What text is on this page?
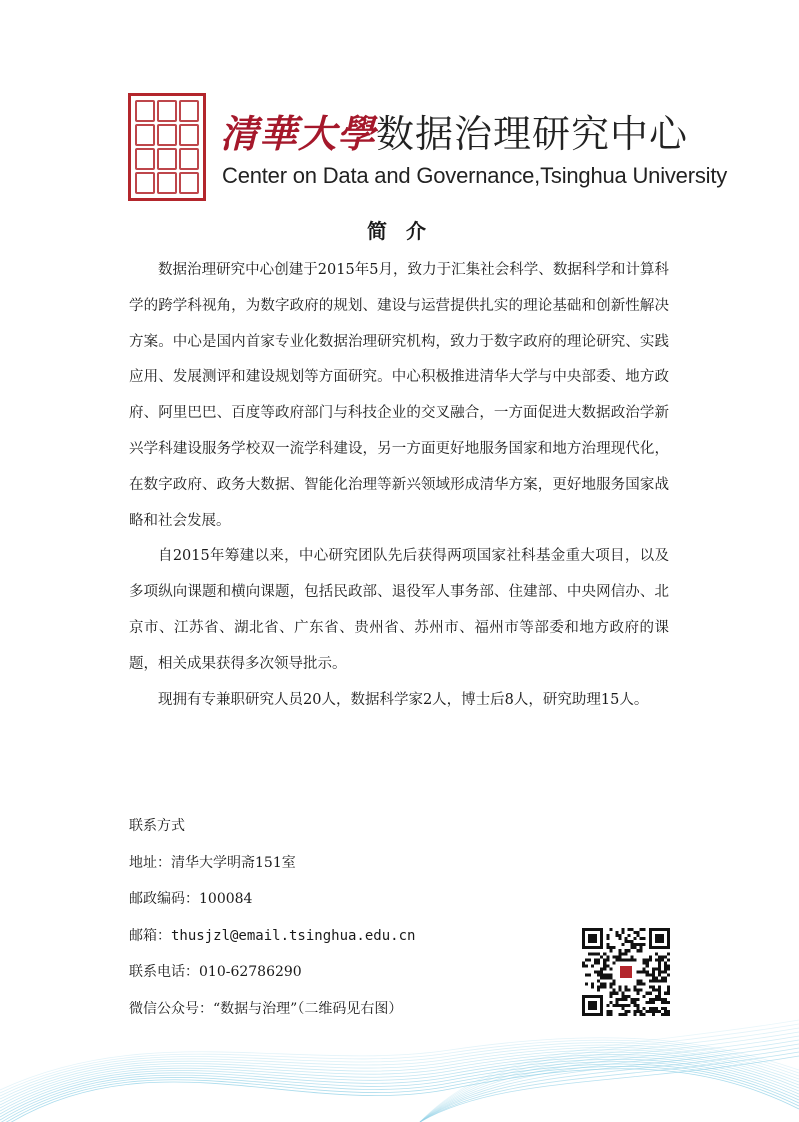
清華大學数据治理研究中心
Center on Data and Governance,Tsinghua University
简 介

数据治理研究中心创建于2015年5月，致力于汇集社会科学、数据科学和计算科学的跨学科视角，为数字政府的规划、建设与运营提供扎实的理论基础和创新性解决方案。中心是国内首家专业化数据治理研究机构，致力于数字政府的理论研究、实践应用、发展测评和建设规划等方面研究。中心积极推进清华大学与中央部委、地方政府、阿里巴巴、百度等政府部门与科技企业的交叉融合，一方面促进大数据政治学新兴学科建设服务学校双一流学科建设，另一方面更好地服务国家和地方治理现代化，在数字政府、政务大数据、智能化治理等新兴领域形成清华方案，更好地服务国家战略和社会发展。

自2015年筹建以来，中心研究团队先后获得两项国家社科基金重大项目，以及多项纵向课题和横向课题，包括民政部、退役军人事务部、住建部、中央网信办、北京市、江苏省、湖北省、广东省、贵州省、苏州市、福州市等部委和地方政府的课题，相关成果获得多次领导批示。

现拥有专兼职研究人员20人，数据科学家2人，博士后8人，研究助理15人。

联系方式
地址：清华大学明斋151室
邮政编码：100084
邮箱：thusjzl@email.tsinghua.edu.cn
联系电话：010-62786290
微信公众号：“数据与治理”（二维码见右图）
